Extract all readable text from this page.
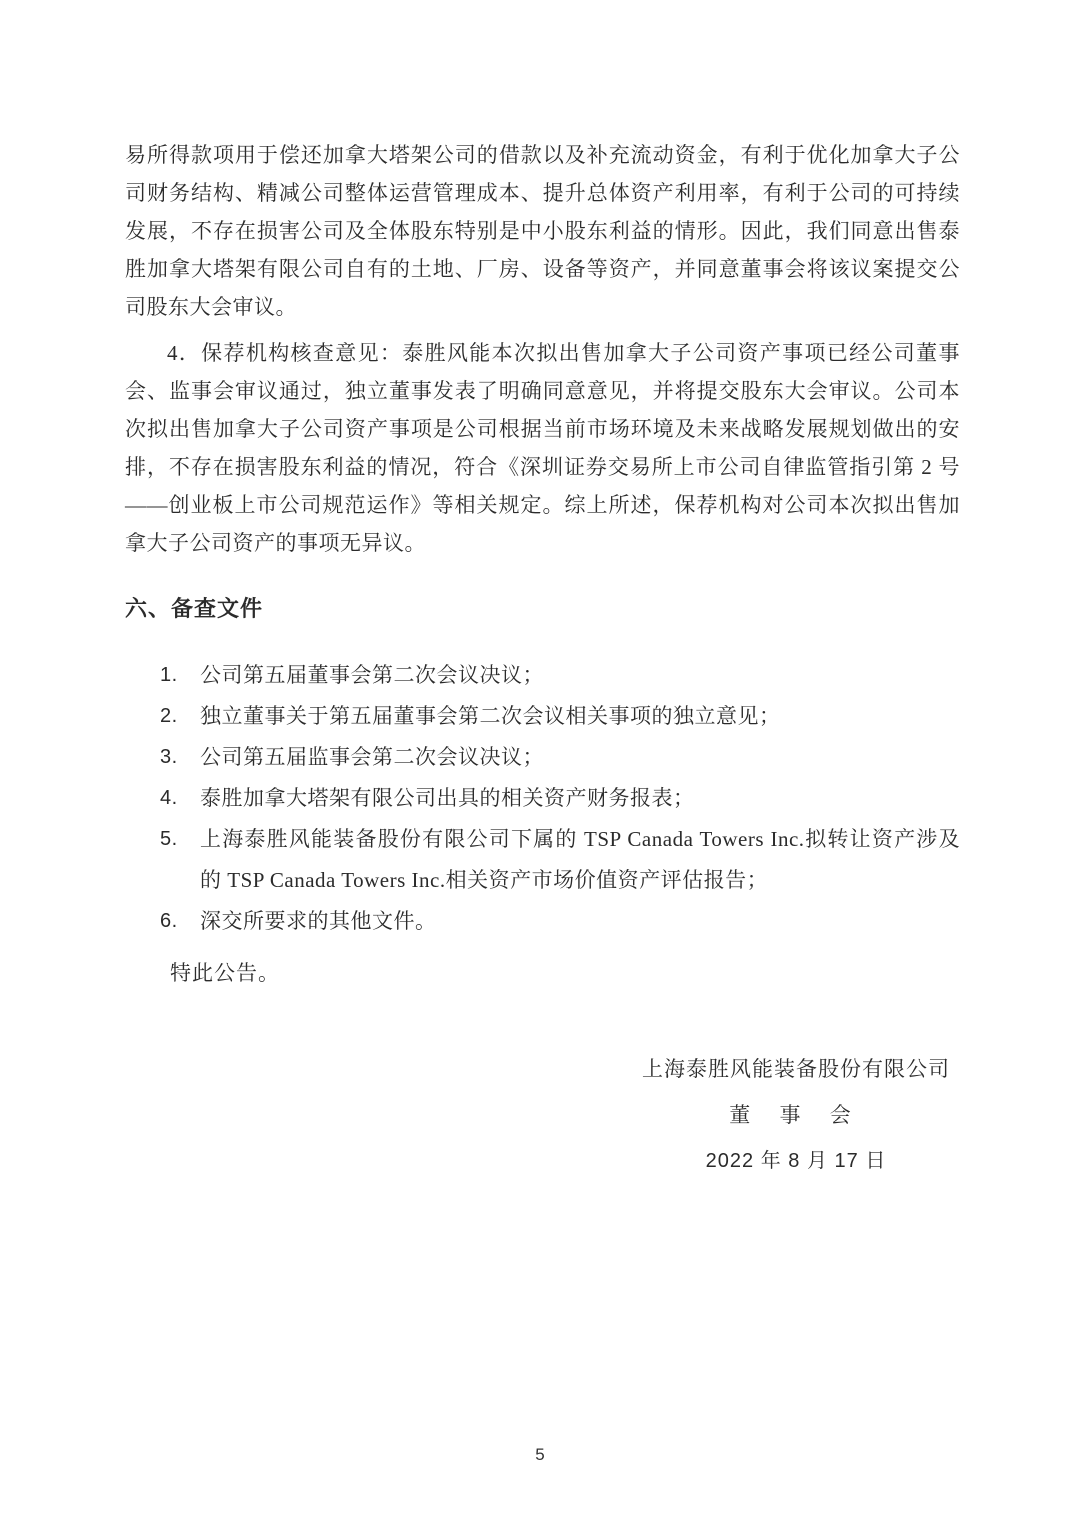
易所得款项用于偿还加拿大塔架公司的借款以及补充流动资金，有利于优化加拿大子公司财务结构、精减公司整体运营管理成本、提升总体资产利用率，有利于公司的可持续发展，不存在损害公司及全体股东特别是中小股东利益的情形。因此，我们同意出售泰胜加拿大塔架有限公司自有的土地、厂房、设备等资产，并同意董事会将该议案提交公司股东大会审议。

4．保荐机构核查意见：泰胜风能本次拟出售加拿大子公司资产事项已经公司董事会、监事会审议通过，独立董事发表了明确同意意见，并将提交股东大会审议。公司本次拟出售加拿大子公司资产事项是公司根据当前市场环境及未来战略发展规划做出的安排，不存在损害股东利益的情况，符合《深圳证券交易所上市公司自律监管指引第 2 号——创业板上市公司规范运作》等相关规定。综上所述，保荐机构对公司本次拟出售加拿大子公司资产的事项无异议。

六、备查文件
1.	公司第五届董事会第二次会议决议；
2.	独立董事关于第五届董事会第二次会议相关事项的独立意见；
3.	公司第五届监事会第二次会议决议；
4.	泰胜加拿大塔架有限公司出具的相关资产财务报表；
5.	上海泰胜风能装备股份有限公司下属的 TSP Canada Towers Inc.拟转让资产涉及的 TSP Canada Towers Inc.相关资产市场价值资产评估报告；
6.	深交所要求的其他文件。

特此公告。

上海泰胜风能装备股份有限公司
董 事 会
2022 年 8 月 17 日
5
